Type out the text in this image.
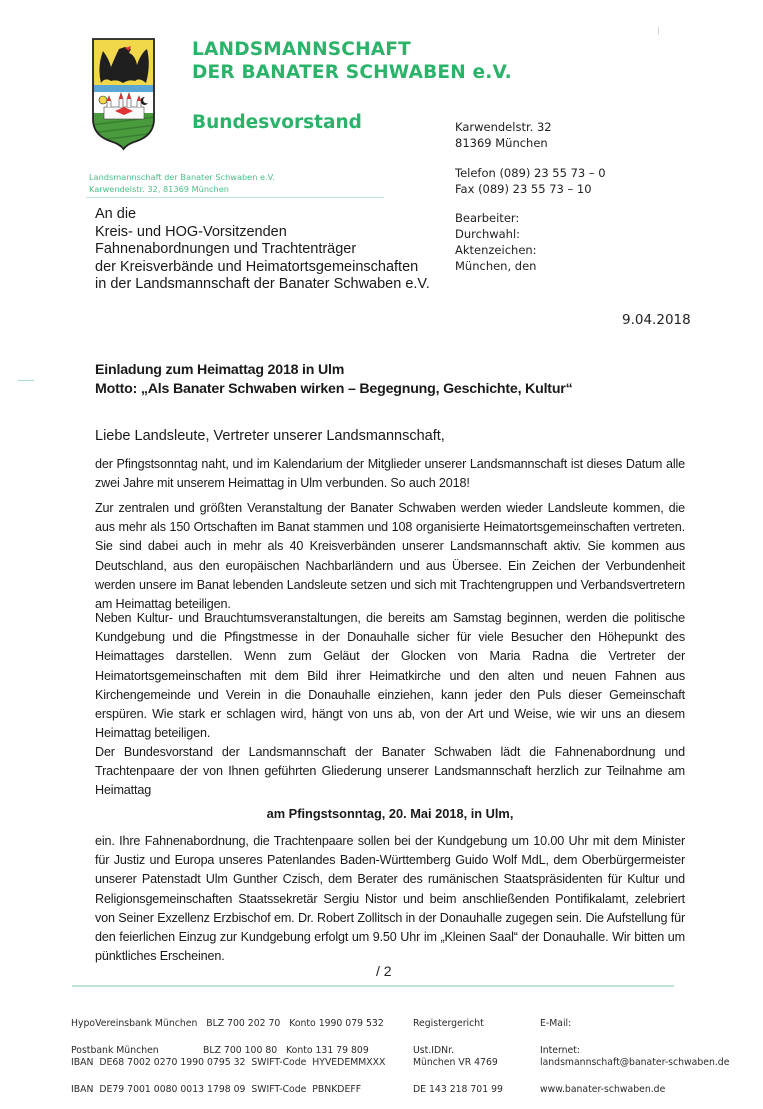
LANDSMANNSCHAFT
DER BANATER SCHWABEN e.V.
Bundesvorstand
Landsmannschaft der Banater Schwaben e.V.
Karwendelstr. 32, 81369 München
Karwendelstr. 32
81369 München
Telefon (089) 23 55 73 – 0
Fax (089) 23 55 73 – 10
Bearbeiter:
Durchwahl:
Aktenzeichen:
München, den
An die
Kreis- und HOG-Vorsitzenden
Fahnenabordnungen und Trachtenträger
der Kreisverbände und Heimatortsgemeinschaften
in der Landsmannschaft der Banater Schwaben e.V.
9.04.2018
Einladung zum Heimattag 2018 in Ulm
Motto: „Als Banater Schwaben wirken – Begegnung, Geschichte, Kultur“
Liebe Landsleute, Vertreter unserer Landsmannschaft,
der Pfingstsonntag naht, und im Kalendarium der Mitglieder unserer Landsmannschaft ist dieses Datum alle zwei Jahre mit unserem Heimattag in Ulm verbunden. So auch 2018!
Zur zentralen und größten Veranstaltung der Banater Schwaben werden wieder Landsleute kommen, die aus mehr als 150 Ortschaften im Banat stammen und 108 organisierte Heimatortsgemeinschaften vertreten. Sie sind dabei auch in mehr als 40 Kreisverbänden unserer Landsmannschaft aktiv. Sie kommen aus Deutschland, aus den europäischen Nachbarländern und aus Übersee. Ein Zeichen der Verbundenheit werden unsere im Banat lebenden Landsleute setzen und sich mit Trachtengruppen und Verbandsvertretern am Heimattag beteiligen.
Neben Kultur- und Brauchtumsveranstaltungen, die bereits am Samstag beginnen, werden die politische Kundgebung und die Pfingstmesse in der Donauhalle sicher für viele Besucher den Höhepunkt des Heimattages darstellen. Wenn zum Geläut der Glocken von Maria Radna die Vertreter der Heimatortsgemeinschaften mit dem Bild ihrer Heimatkirche und den alten und neuen Fahnen aus Kirchengemeinde und Verein in die Donauhalle einziehen, kann jeder den Puls dieser Gemeinschaft erspüren. Wie stark er schlagen wird, hängt von uns ab, von der Art und Weise, wie wir uns an diesem Heimattag beteiligen.
Der Bundesvorstand der Landsmannschaft der Banater Schwaben lädt die Fahnenabordnung und Trachtenpaare der von Ihnen geführten Gliederung unserer Landsmannschaft herzlich zur Teilnahme am Heimattag
am Pfingstsonntag, 20. Mai 2018, in Ulm,
ein. Ihre Fahnenabordnung, die Trachtenpaare sollen bei der Kundgebung um 10.00 Uhr mit dem Minister für Justiz und Europa unseres Patenlandes Baden-Württemberg Guido Wolf MdL, dem Oberbürgermeister unserer Patenstadt Ulm Gunther Czisch, dem Berater des rumänischen Staatspräsidenten für Kultur und Religionsgemeinschaften Staatssekretär Sergiu Nistor und beim anschließenden Pontifikalamt, zelebriert von Seiner Exzellenz Erzbischof em. Dr. Robert Zollitsch in der Donauhalle zugegen sein. Die Aufstellung für den feierlichen Einzug zur Kundgebung erfolgt um 9.50 Uhr im „Kleinen Saal“ der Donauhalle. Wir bitten um pünktliches Erscheinen.
/ 2

HypoVereinsbank München   BLZ 700 202 70   Konto 1990 079 532

IBAN  DE68 7002 0270 1990 0795 32  SWIFT-Code  HYVEDEMMXXX

Postbank München               BLZ 700 100 80   Konto 131 79 809

IBAN  DE79 7001 0080 0013 1798 09  SWIFT-Code  PBNKDEFF

Registergericht

München VR 4769

Ust.IDNr.

DE 143 218 701 99

E-Mail:

landsmannschaft@banater-schwaben.de

Internet:

www.banater-schwaben.de
